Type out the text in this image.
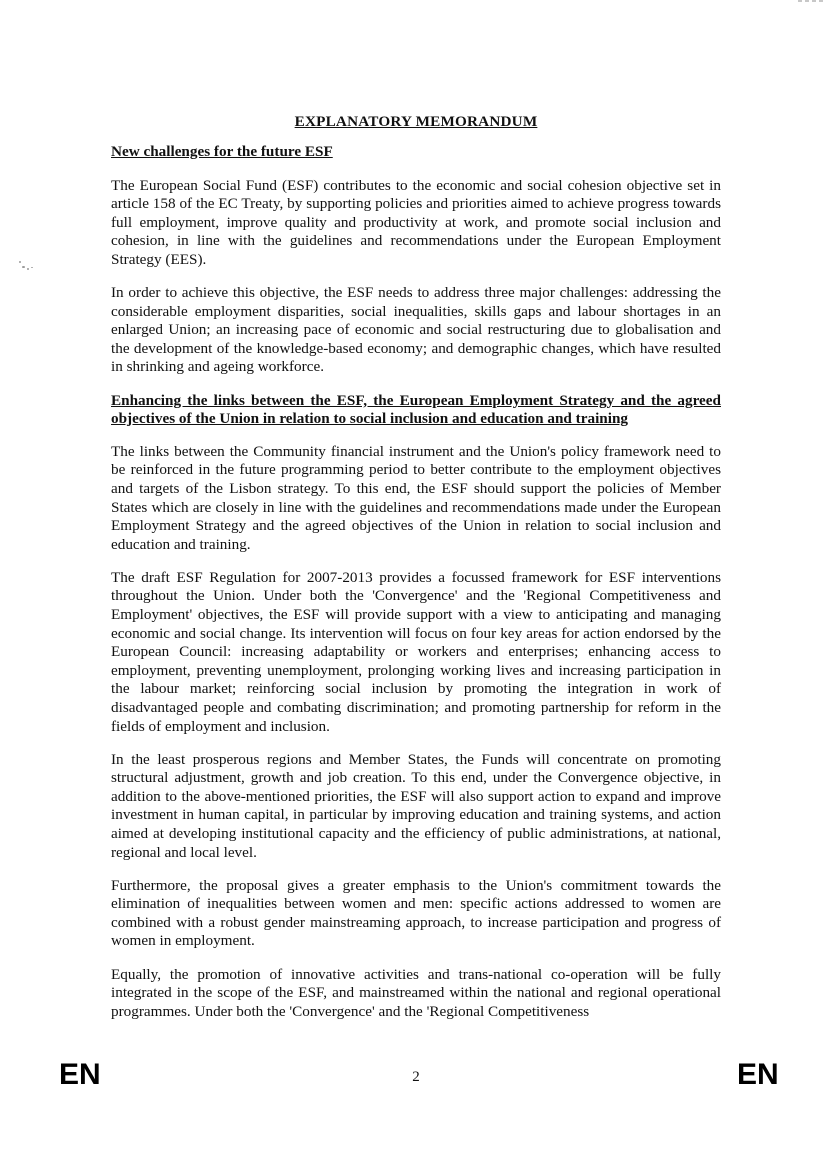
EXPLANATORY MEMORANDUM
New challenges for the future ESF

The European Social Fund (ESF) contributes to the economic and social cohesion objective set in article 158 of the EC Treaty, by supporting policies and priorities aimed to achieve progress towards full employment, improve quality and productivity at work, and promote social inclusion and cohesion, in line with the guidelines and recommendations under the European Employment Strategy (EES).

In order to achieve this objective, the ESF needs to address three major challenges: addressing the considerable employment disparities, social inequalities, skills gaps and labour shortages in an enlarged Union; an increasing pace of economic and social restructuring due to globalisation and the development of the knowledge-based economy; and demographic changes, which have resulted in shrinking and ageing workforce.

Enhancing the links between the ESF, the European Employment Strategy and the agreed objectives of the Union in relation to social inclusion and education and training

The links between the Community financial instrument and the Union's policy framework need to be reinforced in the future programming period to better contribute to the employment objectives and targets of the Lisbon strategy. To this end, the ESF should support the policies of Member States which are closely in line with the guidelines and recommendations made under the European Employment Strategy and the agreed objectives of the Union in relation to social inclusion and education and training.

The draft ESF Regulation for 2007-2013 provides a focussed framework for ESF interventions throughout the Union. Under both the 'Convergence' and the 'Regional Competitiveness and Employment' objectives, the ESF will provide support with a view to anticipating and managing economic and social change. Its intervention will focus on four key areas for action endorsed by the European Council: increasing adaptability or workers and enterprises; enhancing access to employment, preventing unemployment, prolonging working lives and increasing participation in the labour market; reinforcing social inclusion by promoting the integration in work of disadvantaged people and combating discrimination; and promoting partnership for reform in the fields of employment and inclusion.

In the least prosperous regions and Member States, the Funds will concentrate on promoting structural adjustment, growth and job creation. To this end, under the Convergence objective, in addition to the above-mentioned priorities, the ESF will also support action to expand and improve investment in human capital, in particular by improving education and training systems, and action aimed at developing institutional capacity and the efficiency of public administrations, at national, regional and local level.

Furthermore, the proposal gives a greater emphasis to the Union's commitment towards the elimination of inequalities between women and men: specific actions addressed to women are combined with a robust gender mainstreaming approach, to increase participation and progress of women in employment.

Equally, the promotion of innovative activities and trans-national co-operation will be fully integrated in the scope of the ESF, and mainstreamed within the national and regional operational programmes. Under both the 'Convergence' and the 'Regional Competitiveness

EN	2	EN
